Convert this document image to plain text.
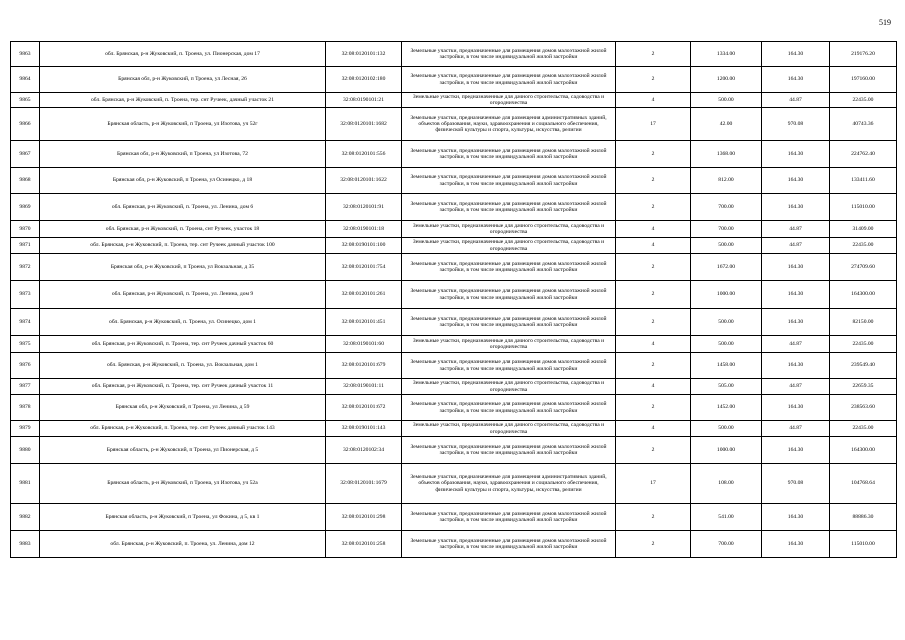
519
9863	обл. Брянская, р-н Жуковский, п. Троена, ул. Пионерская, дом 17	32:08:0120101:132	Земельные участки, предназначенные для размещения домов малоэтажной жилой застройки, в том числе индивидуальной жилой застройки	2	1334.00	164.30	219176.20
9864	Брянская обл, р-н Жуковский, п Троена, ул Лесная, 26	32:08:0120102:180	Земельные участки, предназначенные для размещения домов малоэтажной жилой застройки, в том числе индивидуальной жилой застройки	2	1200.00	164.30	197160.00
9865	обл. Брянская, р-н Жуковский, п. Троена, тер. снт Ручеек, дачный участок 21	32:08:0190101:21	Земельные участки, предназначенные для дачного строительства, садоводства и огородничества	4	500.00	44.87	22435.00
9866	Брянская область, р-н Жуковский, п Троена, ул Изотова, уч 52г	32:08:0120101:1682	Земельные участки, предназначенные для размещения административных зданий, объектов образования, науки, здравоохранения и социального обеспечения, физической культуры и спорта, культуры, искусства, религии	17	42.00	970.08	40743.36
9867	Брянская обл, р-н Жуковский, п Троена, ул Изотова, 72	32:08:0120101:556	Земельные участки, предназначенные для размещения домов малоэтажной жилой застройки, в том числе индивидуальной жилой застройки	2	1368.00	164.30	224762.40
9868	Брянская обл, р-н Жуковский, п Троена, ул Осинецко, д 18	32:08:0120101:1622	Земельные участки, предназначенные для размещения домов малоэтажной жилой застройки, в том числе индивидуальной жилой застройки	2	812.00	164.30	133411.60
9869	обл. Брянская, р-н Жуковский, п. Троена, ул. Ленина, дом 6	32:08:0120101:91	Земельные участки, предназначенные для размещения домов малоэтажной жилой застройки, в том числе индивидуальной жилой застройки	2	700.00	164.30	115010.00
9870	обл. Брянская, р-н Жуковский, п. Троена, снт Ручеек, участок 18	32:08:0190101:18	Земельные участки, предназначенные для дачного строительства, садоводства и огородничества	4	700.00	44.87	31409.00
9871	обл. Брянская, р-н Жуковский, п. Троена, тер. снт Ручеек дачный участок 100	32:08:0190101:100	Земельные участки, предназначенные для дачного строительства, садоводства и огородничества	4	500.00	44.87	22435.00
9872	Брянская обл, р-н Жуковский, п Троена, ул Вокзальная, д 35	32:08:0120101:754	Земельные участки, предназначенные для размещения домов малоэтажной жилой застройки, в том числе индивидуальной жилой застройки	2	1672.00	164.30	274709.60
9873	обл. Брянская, р-н Жуковский, п. Троена, ул. Ленина, дом 9	32:08:0120101:261	Земельные участки, предназначенные для размещения домов малоэтажной жилой застройки, в том числе индивидуальной жилой застройки	2	1000.00	164.30	164300.00
9874	обл. Брянская, р-н Жуковский, п. Троена, ул. Осинецко, дом 1	32:08:0120101:451	Земельные участки, предназначенные для размещения домов малоэтажной жилой застройки, в том числе индивидуальной жилой застройки	2	500.00	164.30	82150.00
9875	обл. Брянская, р-н Жуковский, п. Троена, тер. снт Ручеек дачный участок 60	32:08:0190101:60	Земельные участки, предназначенные для дачного строительства, садоводства и огородничества	4	500.00	44.87	22435.00
9876	обл. Брянская, р-н Жуковский, п. Троена, ул. Вокзальная, дом 1	32:08:0120101:679	Земельные участки, предназначенные для размещения домов малоэтажной жилой застройки, в том числе индивидуальной жилой застройки	2	1458.00	164.30	239549.40
9877	обл. Брянская, р-н Жуковский, п. Троена, тер. снт Ручеек дачный участок 11	32:08:0190101:11	Земельные участки, предназначенные для дачного строительства, садоводства и огородничества	4	505.00	44.87	22659.35
9878	Брянская обл, р-н Жуковский, п Троена, ул Ленина, д 59	32:08:0120101:672	Земельные участки, предназначенные для размещения домов малоэтажной жилой застройки, в том числе индивидуальной жилой застройки	2	1452.00	164.30	238563.60
9879	обл. Брянская, р-н Жуковский, п. Троена, тер. снт Ручеек дачный участок 143	32:08:0190101:143	Земельные участки, предназначенные для дачного строительства, садоводства и огородничества	4	500.00	44.87	22435.00
9880	Брянская область, р-н Жуковский, п Троена, ул Пионерская, д 5	32:08:0120102:34	Земельные участки, предназначенные для размещения домов малоэтажной жилой застройки, в том числе индивидуальной жилой застройки	2	1000.00	164.30	164300.00
9881	Брянская область, р-н Жуковский, п Троена, ул Изотова, уч 52а	32:08:0120101:1679	Земельные участки, предназначенные для размещения административных зданий, объектов образования, науки, здравоохранения и социального обеспечения, физической культуры и спорта, культуры, искусства, религии	17	108.00	970.08	104768.64
9882	Брянская область, р-н Жуковский, п Троена, ул Фокина, д 5, кв 1	32:08:0120101:298	Земельные участки, предназначенные для размещения домов малоэтажной жилой застройки, в том числе индивидуальной жилой застройки	2	541.00	164.30	88886.30
9883	обл. Брянская, р-н Жуковский, п. Троена, ул. Ленина, дом 12	32:08:0120101:258	Земельные участки, предназначенные для размещения домов малоэтажной жилой застройки, в том числе индивидуальной жилой застройки	2	700.00	164.30	115010.00
